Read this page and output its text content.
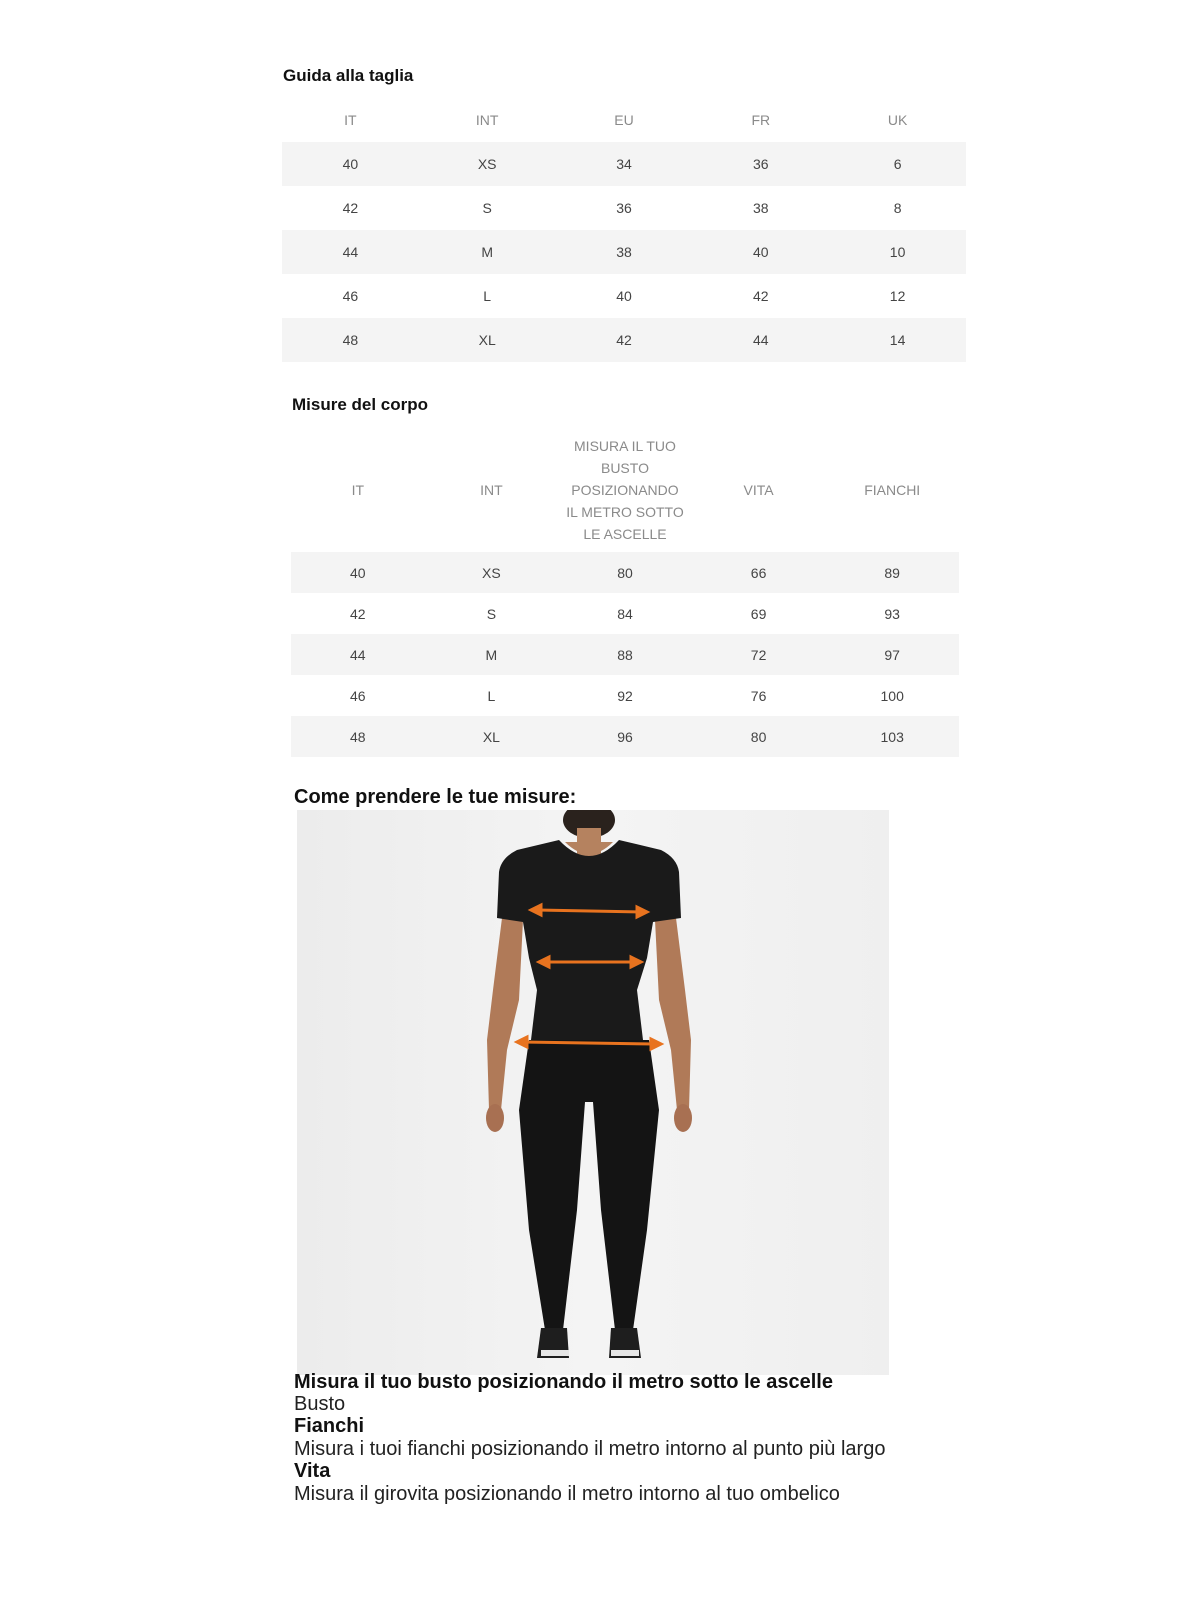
Guida alla taglia
IT	INT	EU	FR	UK
40	XS	34	36	6
42	S	36	38	8
44	M	38	40	10
46	L	40	42	12
48	XL	42	44	14
Misure del corpo
IT	INT	MISURA IL TUO
BUSTO
POSIZIONANDO
IL METRO SOTTO
LE ASCELLE	VITA	FIANCHI
40	XS	80	66	89
42	S	84	69	93
44	M	88	72	97
46	L	92	76	100
48	XL	96	80	103
Come prendere le tue misure:
Misura il tuo busto posizionando il metro sotto le ascelle
Busto
Fianchi
Misura i tuoi fianchi posizionando il metro intorno al punto più largo
Vita
Misura il girovita posizionando il metro intorno al tuo ombelico
